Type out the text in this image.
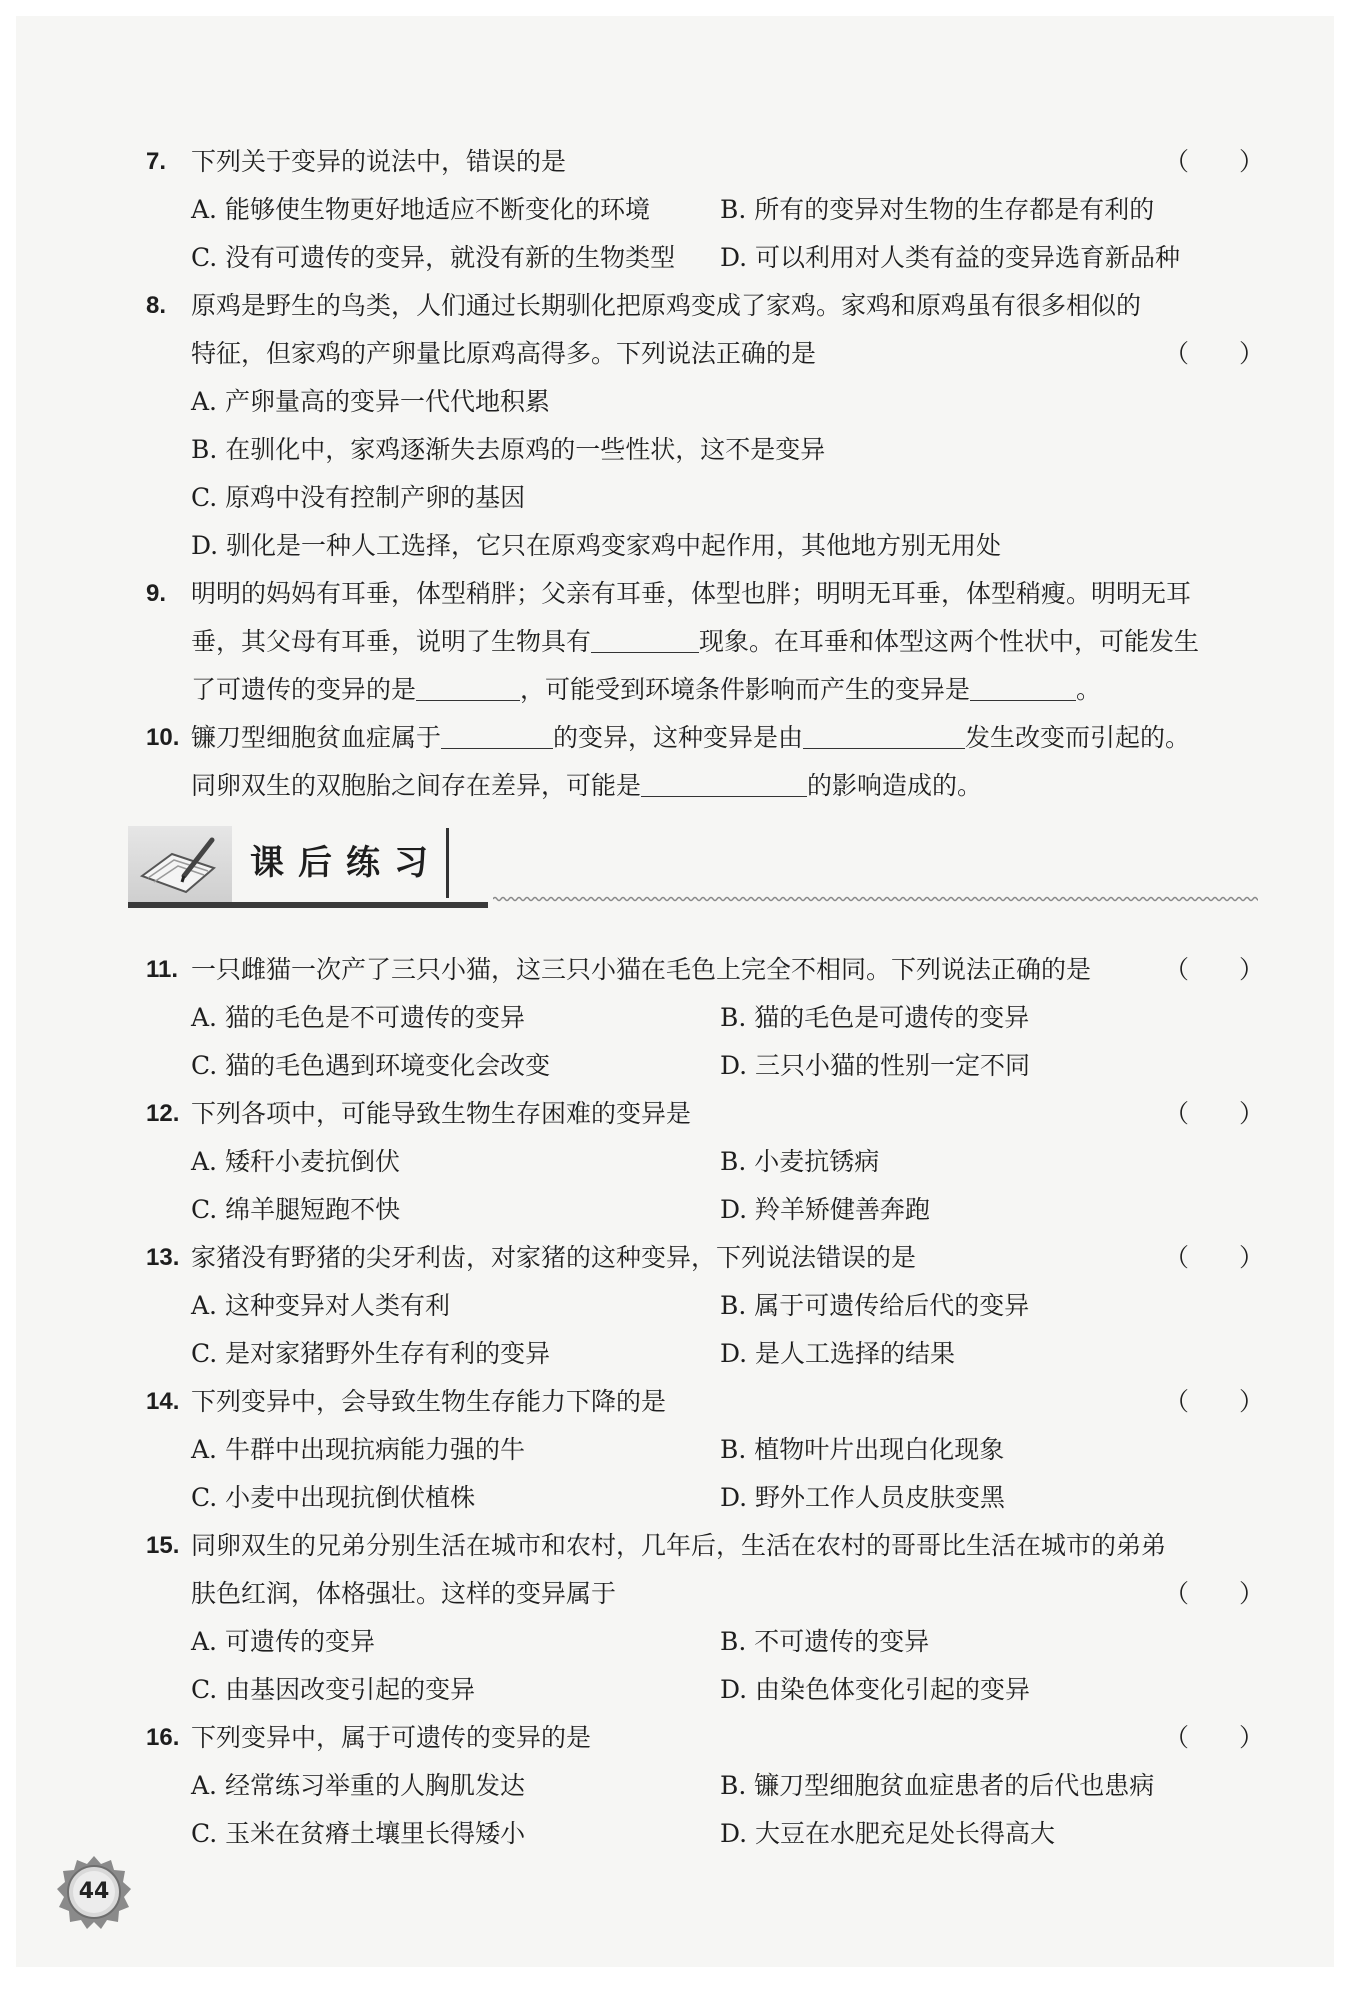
7. 下列关于变异的说法中，错误的是	（　　）
A. 能够使生物更好地适应不断变化的环境	B. 所有的变异对生物的生存都是有利的
C. 没有可遗传的变异，就没有新的生物类型 D. 可以利用对人类有益的变异选育新品种
8. 原鸡是野生的鸟类，人们通过长期驯化把原鸡变成了家鸡。家鸡和原鸡虽有很多相似的
特征，但家鸡的产卵量比原鸡高得多。下列说法正确的是	（　　）
A. 产卵量高的变异一代代地积累
B. 在驯化中，家鸡逐渐失去原鸡的一些性状，这不是变异
C. 原鸡中没有控制产卵的基因
D. 驯化是一种人工选择，它只在原鸡变家鸡中起作用，其他地方别无用处
9. 明明的妈妈有耳垂，体型稍胖；父亲有耳垂，体型也胖；明明无耳垂，体型稍瘦。明明无耳
垂，其父母有耳垂，说明了生物具有	现象。在耳垂和体型这两个性状中，可能发生
了可遗传的变异的是	，可能受到环境条件影响而产生的变异是	。
10. 镰刀型细胞贫血症属于	的变异，这种变异是由	发生改变而引起的。
同卵双生的双胞胎之间存在差异，可能是	的影响造成的。
课后练习
11. 一只雌猫一次产了三只小猫，这三只小猫在毛色上完全不相同。下列说法正确的是	（　　）
A. 猫的毛色是不可遗传的变异	B. 猫的毛色是可遗传的变异
C. 猫的毛色遇到环境变化会改变	D. 三只小猫的性别一定不同
12. 下列各项中，可能导致生物生存困难的变异是	（　　）
A. 矮秆小麦抗倒伏	B. 小麦抗锈病
C. 绵羊腿短跑不快	D. 羚羊矫健善奔跑
13. 家猪没有野猪的尖牙利齿，对家猪的这种变异，下列说法错误的是	（　　）
A. 这种变异对人类有利	B. 属于可遗传给后代的变异
C. 是对家猪野外生存有利的变异	D. 是人工选择的结果
14. 下列变异中，会导致生物生存能力下降的是	（　　）
A. 牛群中出现抗病能力强的牛	B. 植物叶片出现白化现象
C. 小麦中出现抗倒伏植株	D. 野外工作人员皮肤变黑
15. 同卵双生的兄弟分别生活在城市和农村，几年后，生活在农村的哥哥比生活在城市的弟弟
肤色红润，体格强壮。这样的变异属于	（　　）
A. 可遗传的变异	B. 不可遗传的变异
C. 由基因改变引起的变异	D. 由染色体变化引起的变异
16. 下列变异中，属于可遗传的变异的是	（　　）
A. 经常练习举重的人胸肌发达	B. 镰刀型细胞贫血症患者的后代也患病
C. 玉米在贫瘠土壤里长得矮小	D. 大豆在水肥充足处长得高大
44
